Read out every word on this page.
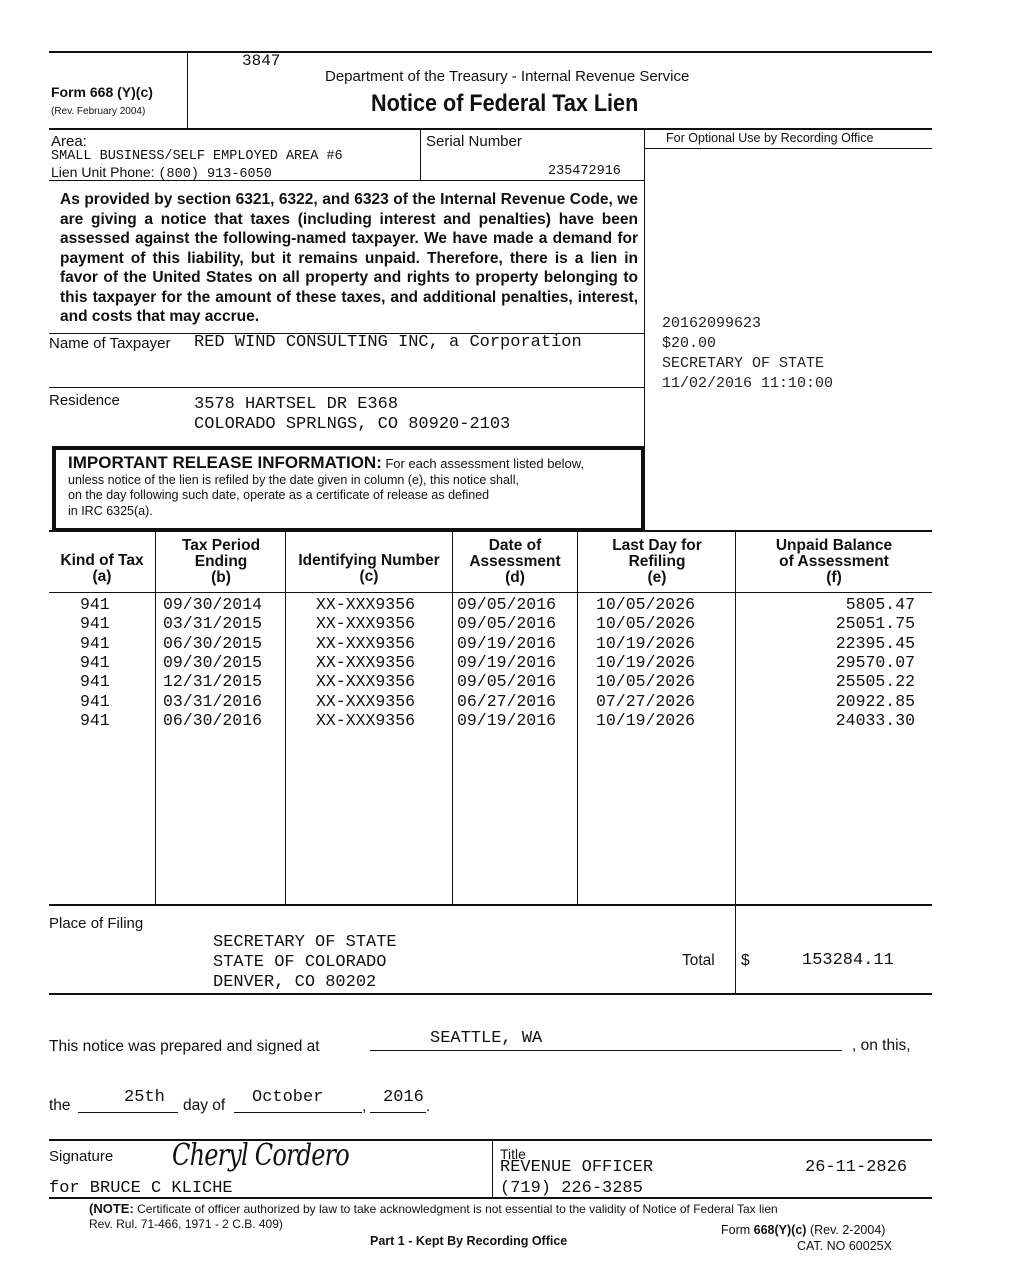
3847
Form 668 (Y)(c)
(Rev. February 2004)
Department of the Treasury - Internal Revenue Service
Notice of Federal Tax Lien
Area:
SMALL BUSINESS/SELF EMPLOYED AREA #6
Lien Unit Phone: (800) 913-6050
Serial Number
235472916
For Optional Use by Recording Office
As provided by section 6321, 6322, and 6323 of the Internal Revenue Code, we are giving a notice that taxes (including interest and penalties) have been assessed against the following-named taxpayer. We have made a demand for payment of this liability, but it remains unpaid. Therefore, there is a lien in favor of the United States on all property and rights to property belonging to this taxpayer for the amount of these taxes, and additional penalties, interest, and costs that may accrue.	20162099623
$20.00
SECRETARY OF STATE
11/02/2016 11:10:00
Name of Taxpayer RED WIND CONSULTING INC, a Corporation
Residence	3578 HARTSEL DR E368
COLORADO SPRLNGS, CO 80920-2103
IMPORTANT RELEASE INFORMATION: For each assessment listed below,
unless notice of the lien is refiled by the date given in column (e), this notice shall,
on the day following such date, operate as a certificate of release as defined
in IRC 6325(a).
Kind of Tax
(a)
Tax Period
Ending
(b)
Identifying Number
(c)
Date of
Assessment
(d)
Last Day for
Refiling
(e)
Unpaid Balance
of Assessment
(f)
941	09/30/2014	XX-XXX9356	09/05/2016	10/05/2026	5805.47
941	03/31/2015	XX-XXX9356	09/05/2016	10/05/2026	25051.75
941	06/30/2015	XX-XXX9356	09/19/2016	10/19/2026	22395.45
941	09/30/2015	XX-XXX9356	09/19/2016	10/19/2026	29570.07
941	12/31/2015	XX-XXX9356	09/05/2016	10/05/2026	25505.22
941	03/31/2016	XX-XXX9356	06/27/2016	07/27/2026	20922.85
941	06/30/2016	XX-XXX9356	09/19/2016	10/19/2026	24033.30
Place of Filing
SECRETARY OF STATE
STATE OF COLORADO
DENVER, CO 80202
Total $	153284.11
This notice was prepared and signed at	SEATTLE, WA	, on this,
the	25th day of October , 2016 .
Signature Cheryl Cordero
for BRUCE C KLICHE
Title
REVENUE OFFICER	26-11-2826
(719) 226-3285
(NOTE: Certificate of officer authorized by law to take acknowledgment is not essential to the validity of Notice of Federal Tax lien
Rev. Rul. 71-466, 1971 - 2 C.B. 409)
Part 1 - Kept By Recording Office
Form 668(Y)(c) (Rev. 2-2004)
CAT. NO 60025X
